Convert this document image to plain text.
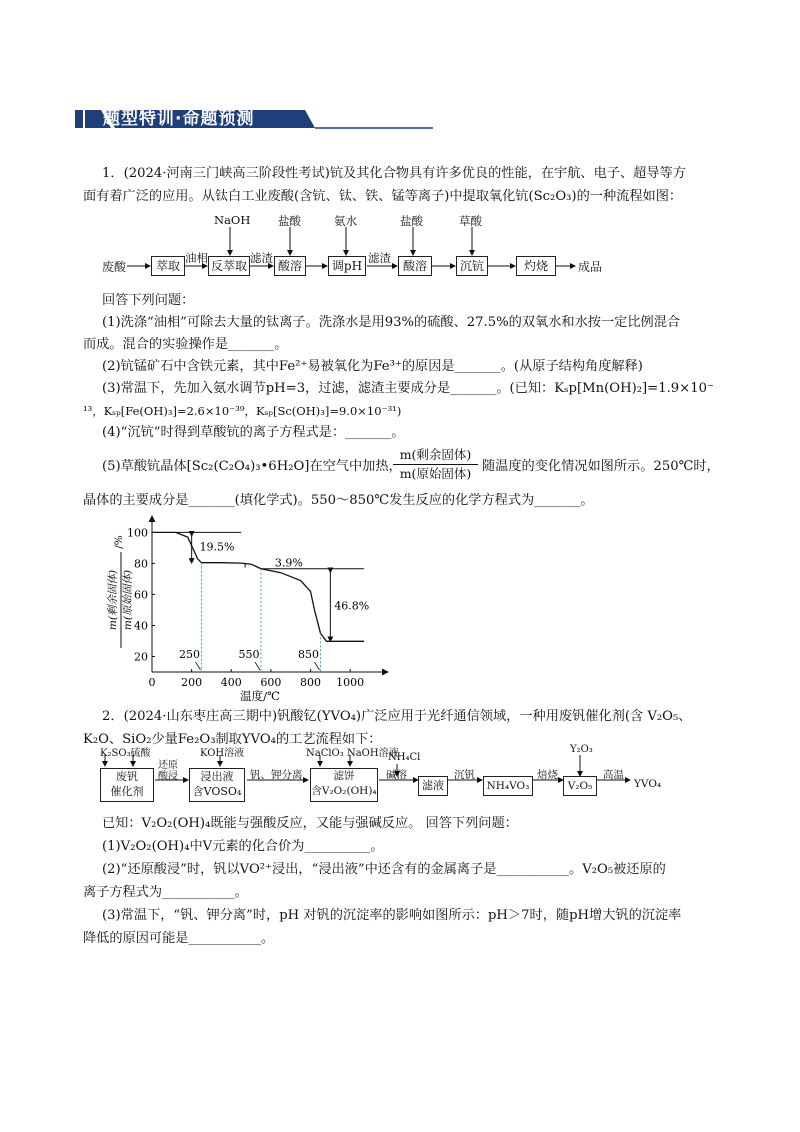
题型特训·命题预测
1．(2024·河南三门峡高三阶段性考试)钪及其化合物具有许多优良的性能，在宇航、电子、超导等方
面有着广泛的应用。从钛白工业废酸(含钪、钛、铁、锰等离子)中提取氧化钪(Sc₂O₃)的一种流程如图：
废酸	萃取	反萃取	酸溶	调pH	酸溶	沉钪	灼烧	成品
NaOH 盐酸	氨水	盐酸	草酸
油相	滤渣	滤渣
回答下列问题：
(1)洗涤“油相”可除去大量的钛离子。洗涤水是用93%的硫酸、27.5%的双氧水和水按一定比例混合
而成。混合的实验操作是_______。
(2)钪锰矿石中含铁元素，其中Fe²⁺易被氧化为Fe³⁺的原因是_______。(从原子结构角度解释)
(3)常温下，先加入氨水调节pH=3，过滤，滤渣主要成分是_______。(已知：Kₛp[Mn(OH)₂]=1.9×10⁻
¹³，Kₛₚ[Fe(OH)₃]=2.6×10⁻³⁹，Kₛₚ[Sc(OH)₃]=9.0×10⁻³¹)
(4)“沉钪”时得到草酸钪的离子方程式是：_______。
(5)草酸钪晶体[Sc₂(C₂O₄)₃•6H₂O]在空气中加热，
m(剩余固体)
m(原始固体) 随温度的变化情况如图所示。250℃时，
晶体的主要成分是_______(填化学式)。550～850℃发生反应的化学方程式为_______。
0 200 400 600 800 1000
20
40
60
80
100
温度/℃
m(剩余固体) m(原始固体)
/%
250	550	850
19.5%
3.9%
46.8%
2．(2024·山东枣庄高三期中)钒酸钇(YVO₄)广泛应用于光纤通信领域，一种用废钒催化剂(含 V₂O₅、
K₂O、SiO₂少量Fe₂O₃制取YVO₄的工艺流程如下：
K₂SO₃硫酸	KOH溶液	NaClO₃ NaOH溶液
NH₄Cl
Y₂O₃
废钒
催化剂
还原
酸浸	浸出液
含VOSO₄
钒、钾分离	滤饼
含V₂O₂(OH)₄
碱溶
滤液
沉钒
NH₄VO₃
焙烧
V₂O₅
高温
YVO₄
已知：V₂O₂(OH)₄既能与强酸反应，又能与强碱反应。 回答下列问题：
(1)V₂O₂(OH)₄中V元素的化合价为__________。
(2)“还原酸浸”时，钒以VO²⁺浸出，“浸出液”中还含有的金属离子是___________。V₂O₅被还原的
离子方程式为___________。
(3)常温下，“钒、钾分离”时，pH 对钒的沉淀率的影响如图所示：pH＞7时，随pH增大钒的沉淀率
降低的原因可能是___________。
